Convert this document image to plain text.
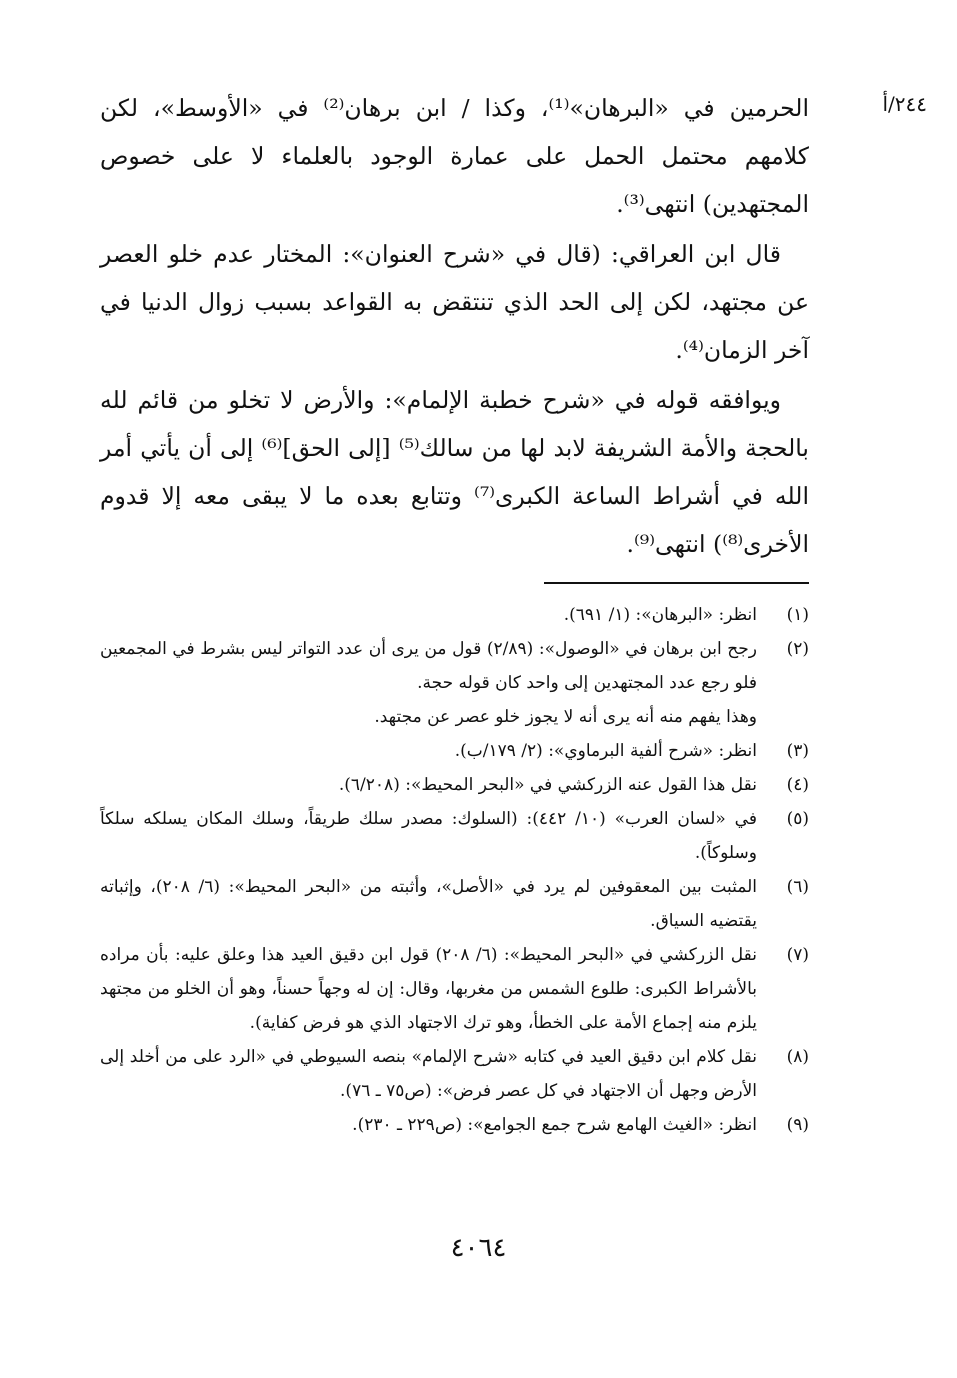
٢٤٤/أ

الحرمين في «البرهان»⁽¹⁾، وكذا / ابن برهان⁽²⁾ في «الأوسط»، لكن كلامهم محتمل الحمل على عمارة الوجود بالعلماء لا على خصوص المجتهدين) انتهى⁽³⁾.

قال ابن العراقي: (قال في «شرح العنوان»: المختار عدم خلو العصر عن مجتهد، لكن إلى الحد الذي تنتقض به القواعد بسبب زوال الدنيا في آخر الزمان⁽⁴⁾.

ويوافقه قوله في «شرح خطبة الإلمام»: والأرض لا تخلو من قائم لله بالحجة والأمة الشريفة لابد لها من سالك⁽⁵⁾ [إلى الحق]⁽⁶⁾ إلى أن يأتي أمر الله في أشراط الساعة الكبرى⁽⁷⁾ وتتابع بعده ما لا يبقى معه إلا قدوم الأخرى⁽⁸⁾) انتهى⁽⁹⁾.

(١)
انظر: «البرهان»: (١/ ٦٩١).
(٢)
رجح ابن برهان في «الوصول»: (٢/٨٩) قول من يرى أن عدد التواتر ليس بشرط في المجمعين فلو رجع عدد المجتهدين إلى واحد كان قوله حجة.
وهذا يفهم منه أنه يرى أنه لا يجوز خلو عصر عن مجتهد.
(٣)
انظر: «شرح ألفية البرماوي»: (٢/ ١٧٩/ب).
(٤)
نقل هذا القول عنه الزركشي في «البحر المحيط»: (٦/٢٠٨).
(٥)
في «لسان العرب» (١٠/ ٤٤٢): (السلوك: مصدر سلك طريقاً، وسلك المكان يسلكه سلكاً وسلوكاً).
(٦)
المثبت بين المعقوفين لم يرد في «الأصل»، وأثبته من «البحر المحيط»: (٦/ ٢٠٨)، وإثباته يقتضيه السياق.
(٧)
نقل الزركشي في «البحر المحيط»: (٦/ ٢٠٨) قول ابن دقيق العيد هذا وعلق عليه: بأن مراده بالأشراط الكبرى: طلوع الشمس من مغربها، وقال: إن له وجهاً حسناً، وهو أن الخلو من مجتهد يلزم منه إجماع الأمة على الخطأ، وهو ترك الاجتهاد الذي هو فرض كفاية).
(٨)
نقل كلام ابن دقيق العيد في كتابه «شرح الإلمام» بنصه السيوطي في «الرد على من أخلد إلى الأرض وجهل أن الاجتهاد في كل عصر فرض»: (ص٧٥ ـ ٧٦).
(٩)
انظر: «الغيث الهامع شرح جمع الجوامع»: (ص٢٢٩ ـ ٢٣٠).
٤٠٦٤
